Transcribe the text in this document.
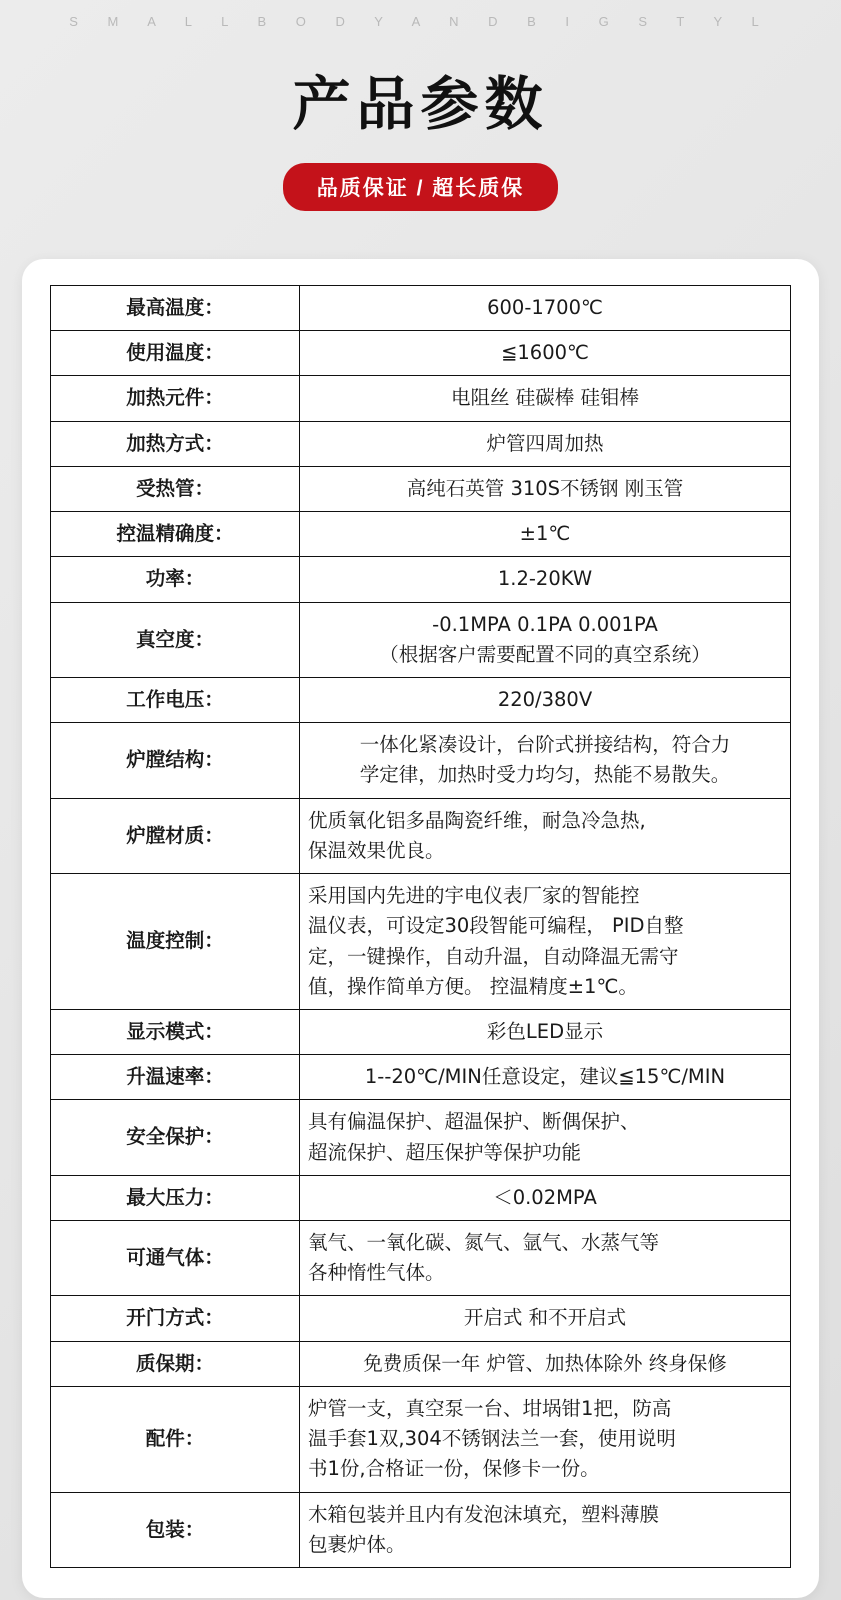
S M A L L B O D Y A N D B I G S T Y L
产品参数
品质保证 / 超长质保
最高温度：	600-1700℃

使用温度：	≦1600℃

加热元件：	电阻丝 硅碳棒 硅钼棒

加热方式：	炉管四周加热

受热管：	高纯石英管 310S不锈钢 刚玉管

控温精确度：	±1℃

功率：	1.2-20KW

真空度：	-0.1MPA 0.1PA 0.001PA
（根据客户需要配置不同的真空系统）

工作电压：	220/380V

炉膛结构：	一体化紧凑设计，台阶式拼接结构，符合力
学定律，加热时受力均匀，热能不易散失。

炉膛材质：	优质氧化铝多晶陶瓷纤维，耐急冷急热,
保温效果优良。

温度控制：	采用国内先进的宇电仪表厂家的智能控
温仪表，可设定30段智能可编程， PID自整
定，一键操作，自动升温，自动降温无需守
值，操作简单方便。 控温精度±1℃。

显示模式：	彩色LED显示

升温速率：	1--20℃/MIN任意设定，建议≦15℃/MIN

安全保护：	具有偏温保护、超温保护、断偶保护、
超流保护、超压保护等保护功能

最大压力：	＜0.02MPA

可通气体：	氧气、一氧化碳、氮气、氩气、水蒸气等
各种惰性气体。

开门方式：	开启式 和不开启式

质保期：	免费质保一年 炉管、加热体除外 终身保修

配件：	炉管一支，真空泵一台、坩埚钳1把，防高
温手套1双,304不锈钢法兰一套，使用说明
书1份,合格证一份，保修卡一份。

包装：	木箱包装并且内有发泡沫填充，塑料薄膜
包裹炉体。
